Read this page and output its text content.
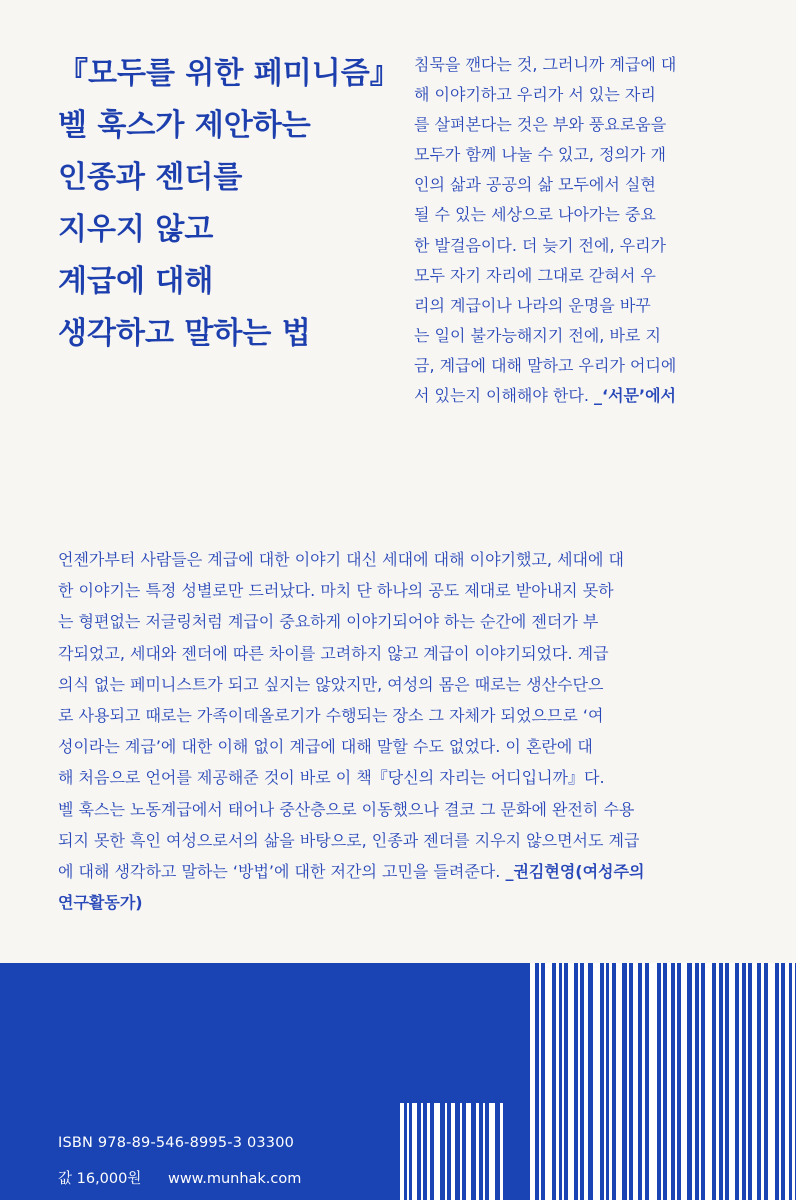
『모두를 위한 페미니즘』
벨 훅스가 제안하는
인종과 젠더를
지우지 않고
계급에 대해
생각하고 말하는 법
침묵을 깬다는 것, 그러니까 계급에 대
해 이야기하고 우리가 서 있는 자리
를 살펴본다는 것은 부와 풍요로움을
모두가 함께 나눌 수 있고, 정의가 개
인의 삶과 공공의 삶 모두에서 실현
될 수 있는 세상으로 나아가는 중요
한 발걸음이다. 더 늦기 전에, 우리가
모두 자기 자리에 그대로 갇혀서 우
리의 계급이나 나라의 운명을 바꾸
는 일이 불가능해지기 전에, 바로 지
금, 계급에 대해 말하고 우리가 어디에
서 있는지 이해해야 한다. _‘서문’에서
언젠가부터 사람들은 계급에 대한 이야기 대신 세대에 대해 이야기했고, 세대에 대
한 이야기는 특정 성별로만 드러났다. 마치 단 하나의 공도 제대로 받아내지 못하
는 형편없는 저글링처럼 계급이 중요하게 이야기되어야 하는 순간에 젠더가 부
각되었고, 세대와 젠더에 따른 차이를 고려하지 않고 계급이 이야기되었다. 계급
의식 없는 페미니스트가 되고 싶지는 않았지만, 여성의 몸은 때로는 생산수단으
로 사용되고 때로는 가족이데올로기가 수행되는 장소 그 자체가 되었으므로 ‘여
성이라는 계급’에 대한 이해 없이 계급에 대해 말할 수도 없었다. 이 혼란에 대
해 처음으로 언어를 제공해준 것이 바로 이 책『당신의 자리는 어디입니까』다.
벨 훅스는 노동계급에서 태어나 중산층으로 이동했으나 결코 그 문화에 완전히 수용
되지 못한 흑인 여성으로서의 삶을 바탕으로, 인종과 젠더를 지우지 않으면서도 계급
에 대해 생각하고 말하는 ‘방법’에 대한 저간의 고민을 들려준다. _권김현영(여성주의
연구활동가)
ISBN 978-89-546-8995-3 03300
값 16,000원 www.munhak.com
